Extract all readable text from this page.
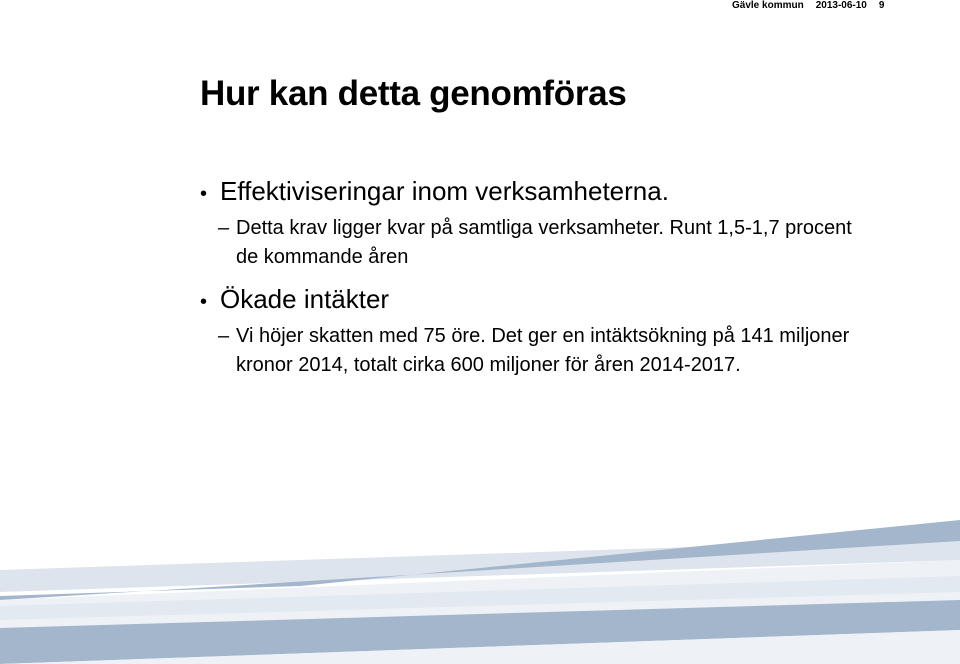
Gävle kommun 2013-06-10 9
Hur kan detta genomföras
• Effektiviseringar inom verksamheterna.
– Detta krav ligger kvar på samtliga verksamheter. Runt 1,5-1,7 procent de kommande åren
• Ökade intäkter
– Vi höjer skatten med 75 öre. Det ger en intäktsökning på 141 miljoner kronor 2014, totalt cirka 600 miljoner för åren 2014-2017.
